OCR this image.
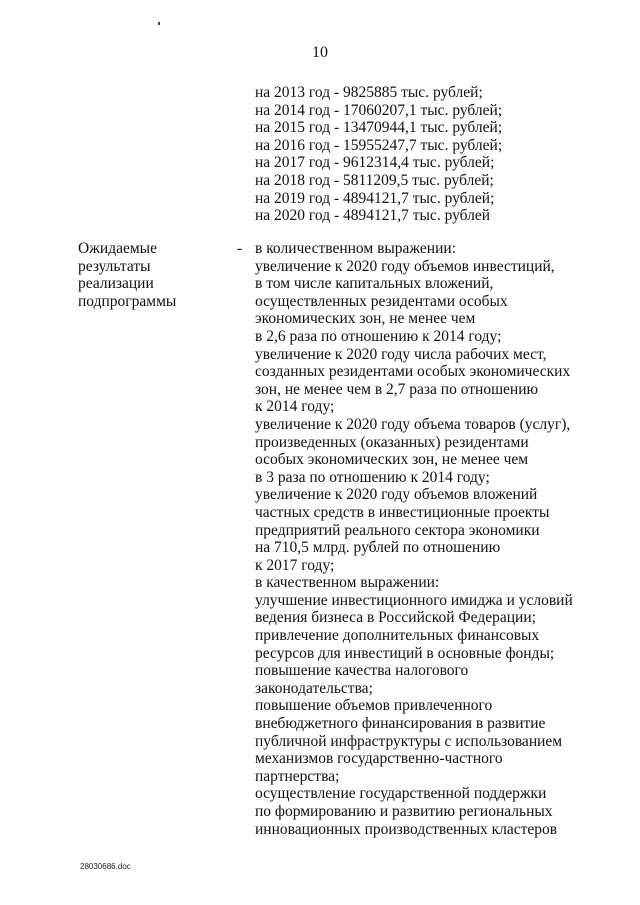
10
на 2013 год - 9825885 тыс. рублей;
на 2014 год - 17060207,1 тыс. рублей;
на 2015 год - 13470944,1 тыс. рублей;
на 2016 год - 15955247,7 тыс. рублей;
на 2017 год - 9612314,4 тыс. рублей;
на 2018 год - 5811209,5 тыс. рублей;
на 2019 год - 4894121,7 тыс. рублей;
на 2020 год - 4894121,7 тыс. рублей
Ожидаемые
результаты
реализации
подпрограммы
- в количественном выражении:
увеличение к 2020 году объемов инвестиций,
в том числе капитальных вложений,
осуществленных резидентами особых
экономических зон, не менее чем
в 2,6 раза по отношению к 2014 году;
увеличение к 2020 году числа рабочих мест,
созданных резидентами особых экономических
зон, не менее чем в 2,7 раза по отношению
к 2014 году;
увеличение к 2020 году объема товаров (услуг),
произведенных (оказанных) резидентами
особых экономических зон, не менее чем
в 3 раза по отношению к 2014 году;
увеличение к 2020 году объемов вложений
частных средств в инвестиционные проекты
предприятий реального сектора экономики
на 710,5 млрд. рублей по отношению
к 2017 году;
в качественном выражении:
улучшение инвестиционного имиджа и условий
ведения бизнеса в Российской Федерации;
привлечение дополнительных финансовых
ресурсов для инвестиций в основные фонды;
повышение качества налогового
законодательства;
повышение объемов привлеченного
внебюджетного финансирования в развитие
публичной инфраструктуры с использованием
механизмов государственно-частного
партнерства;
осуществление государственной поддержки
по формированию и развитию региональных
инновационных производственных кластеров
28030686.doc
